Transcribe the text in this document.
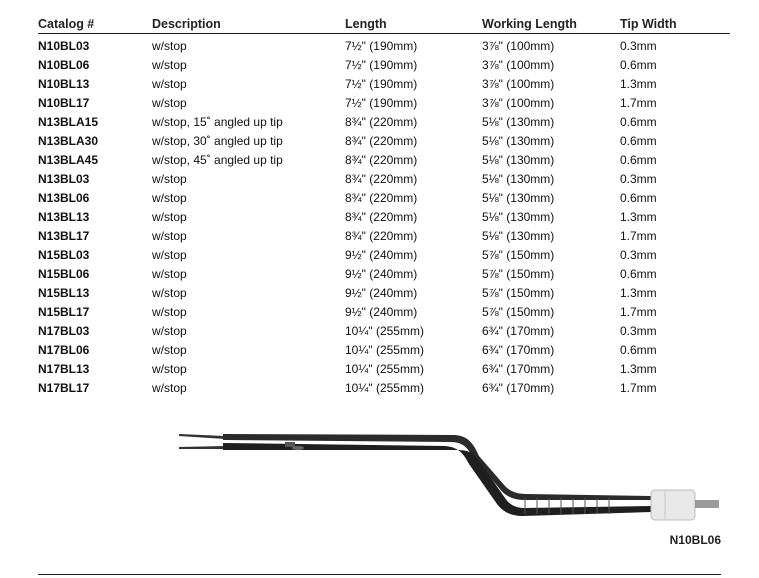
Catalog #	Description	Length	Working Length	Tip Width
N10BL03	w/stop	7½" (190mm)	3⅞" (100mm)	0.3mm
N10BL06	w/stop	7½" (190mm)	3⅞" (100mm)	0.6mm
N10BL13	w/stop	7½" (190mm)	3⅞" (100mm)	1.3mm
N10BL17	w/stop	7½" (190mm)	3⅞" (100mm)	1.7mm
N13BLA15	w/stop, 15˚ angled up tip	8¾" (220mm)	5⅛" (130mm)	0.6mm
N13BLA30	w/stop, 30˚ angled up tip	8¾" (220mm)	5⅛" (130mm)	0.6mm
N13BLA45	w/stop, 45˚ angled up tip	8¾" (220mm)	5⅛" (130mm)	0.6mm
N13BL03	w/stop	8¾" (220mm)	5⅛" (130mm)	0.3mm
N13BL06	w/stop	8¾" (220mm)	5⅛" (130mm)	0.6mm
N13BL13	w/stop	8¾" (220mm)	5⅛" (130mm)	1.3mm
N13BL17	w/stop	8¾" (220mm)	5⅛" (130mm)	1.7mm
N15BL03	w/stop	9½" (240mm)	5⅞" (150mm)	0.3mm
N15BL06	w/stop	9½" (240mm)	5⅞" (150mm)	0.6mm
N15BL13	w/stop	9½" (240mm)	5⅞" (150mm)	1.3mm
N15BL17	w/stop	9½" (240mm)	5⅞" (150mm)	1.7mm
N17BL03	w/stop	10¼" (255mm)	6¾" (170mm)	0.3mm
N17BL06	w/stop	10¼" (255mm)	6¾" (170mm)	0.6mm
N17BL13	w/stop	10¼" (255mm)	6¾" (170mm)	1.3mm
N17BL17	w/stop	10¼" (255mm)	6¾" (170mm)	1.7mm
N10BL06
